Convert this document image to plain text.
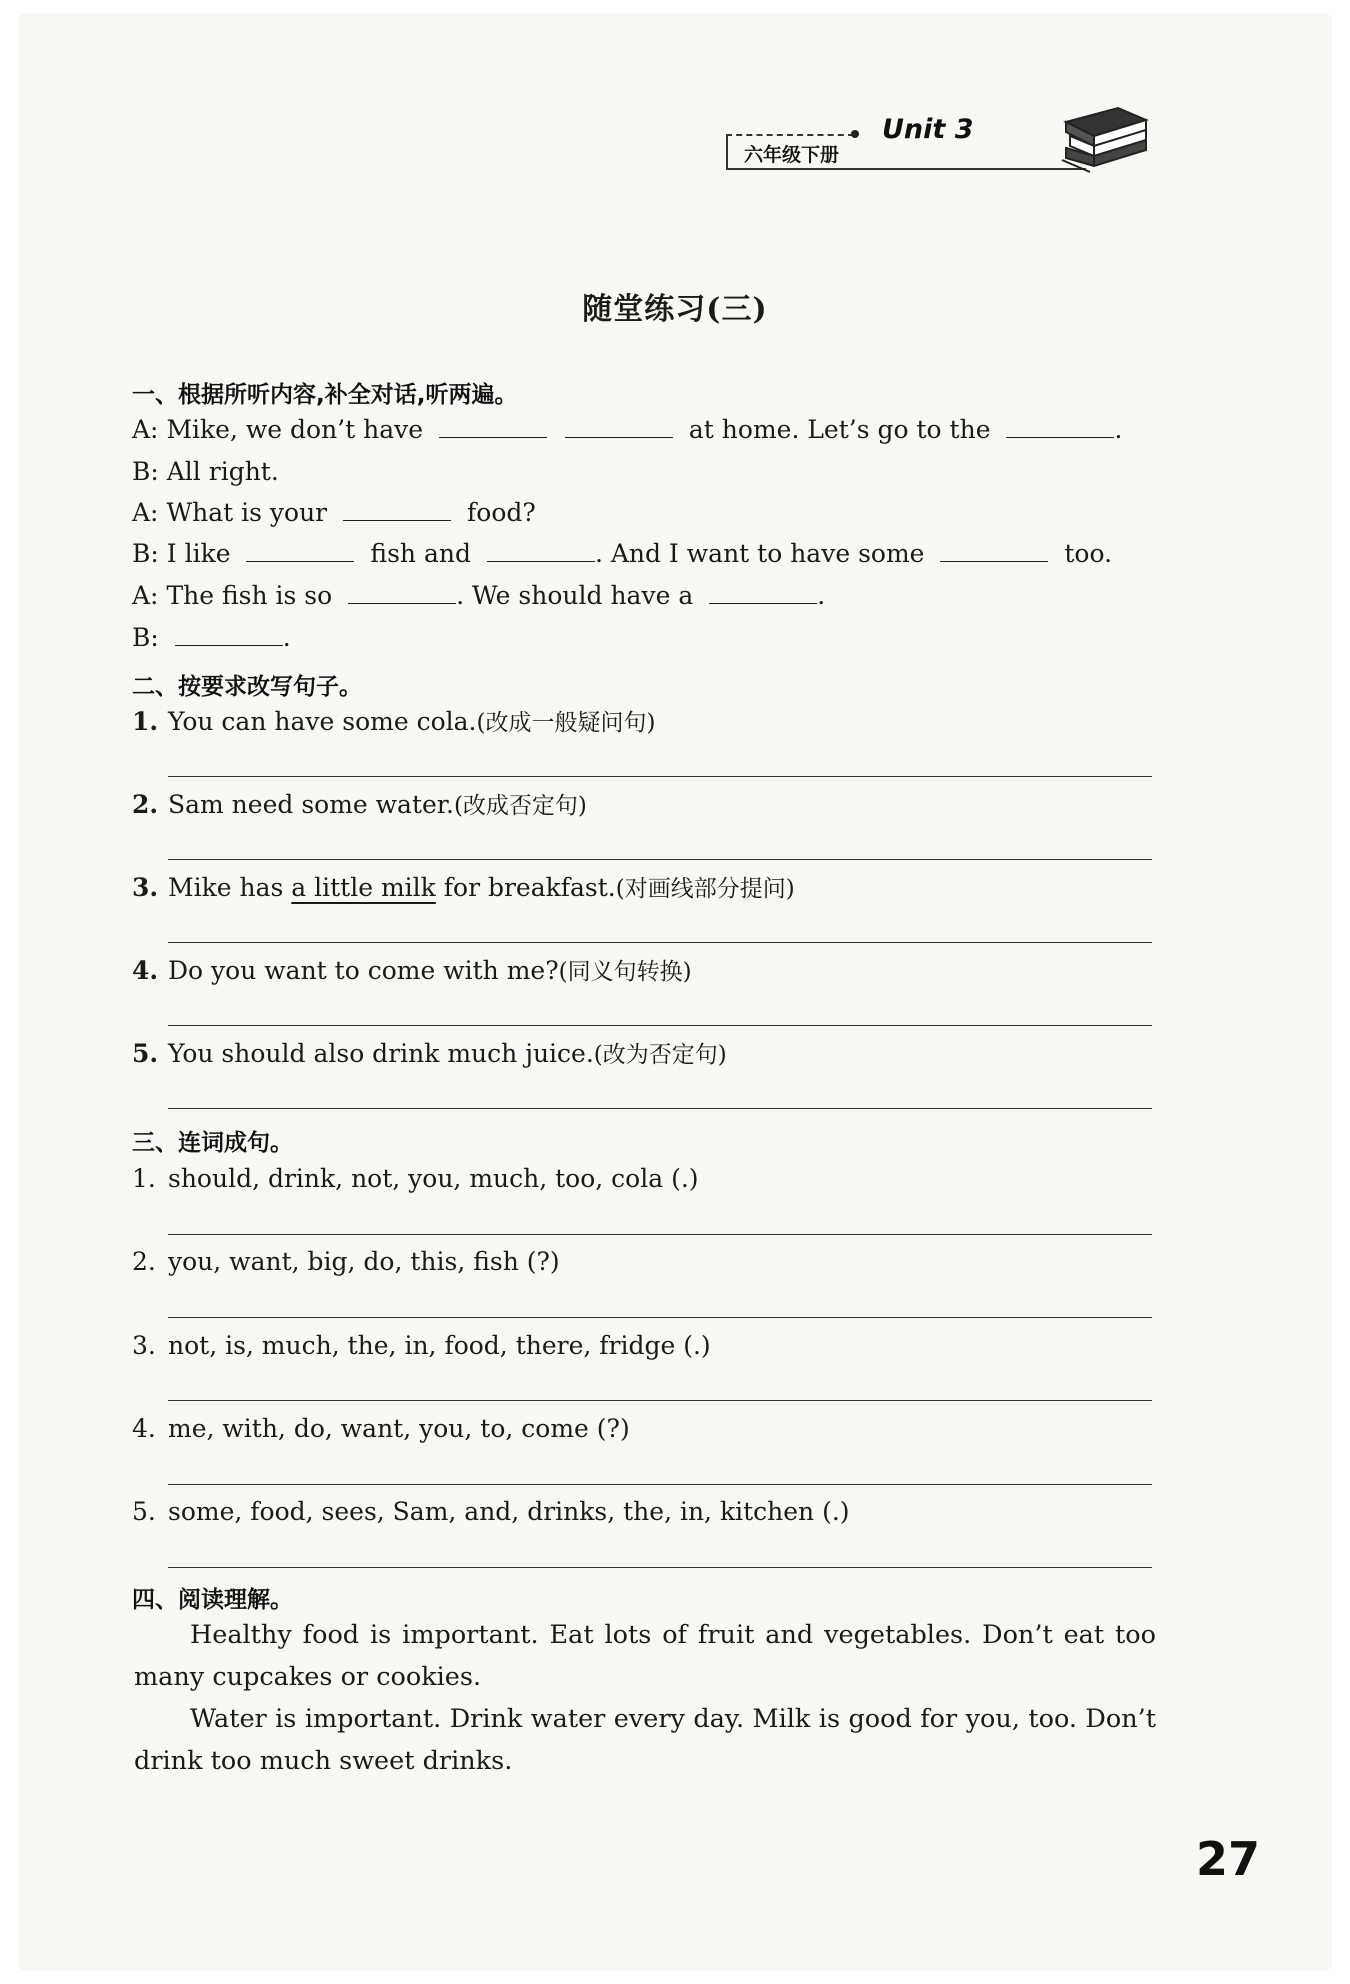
六年级下册
Unit 3
随堂练习(三)
一、根据所听内容,补全对话,听两遍。
A: Mike, we don’t have	at home. Let’s go to the	.
B: All right.
A: What is your	food?
B: I like	fish and	. And I want to have some	too.
A: The fish is so	. We should have a	.
B:	.
二、按要求改写句子。
1. You can have some cola.(改成一般疑问句)
2. Sam need some water.(改成否定句)
3. Mike has a little milk for breakfast.(对画线部分提问)
4. Do you want to come with me?(同义句转换)
5. You should also drink much juice.(改为否定句)
三、连词成句。
1. should, drink, not, you, much, too, cola (.)
2. you, want, big, do, this, fish (?)
3. not, is, much, the, in, food, there, fridge (.)
4. me, with, do, want, you, to, come (?)
5. some, food, sees, Sam, and, drinks, the, in, kitchen (.)
四、阅读理解。
Healthy food is important. Eat lots of fruit and vegetables. Don’t eat too many cupcakes or cookies.
Water is important. Drink water every day. Milk is good for you, too. Don’t drink too much sweet drinks.
27
